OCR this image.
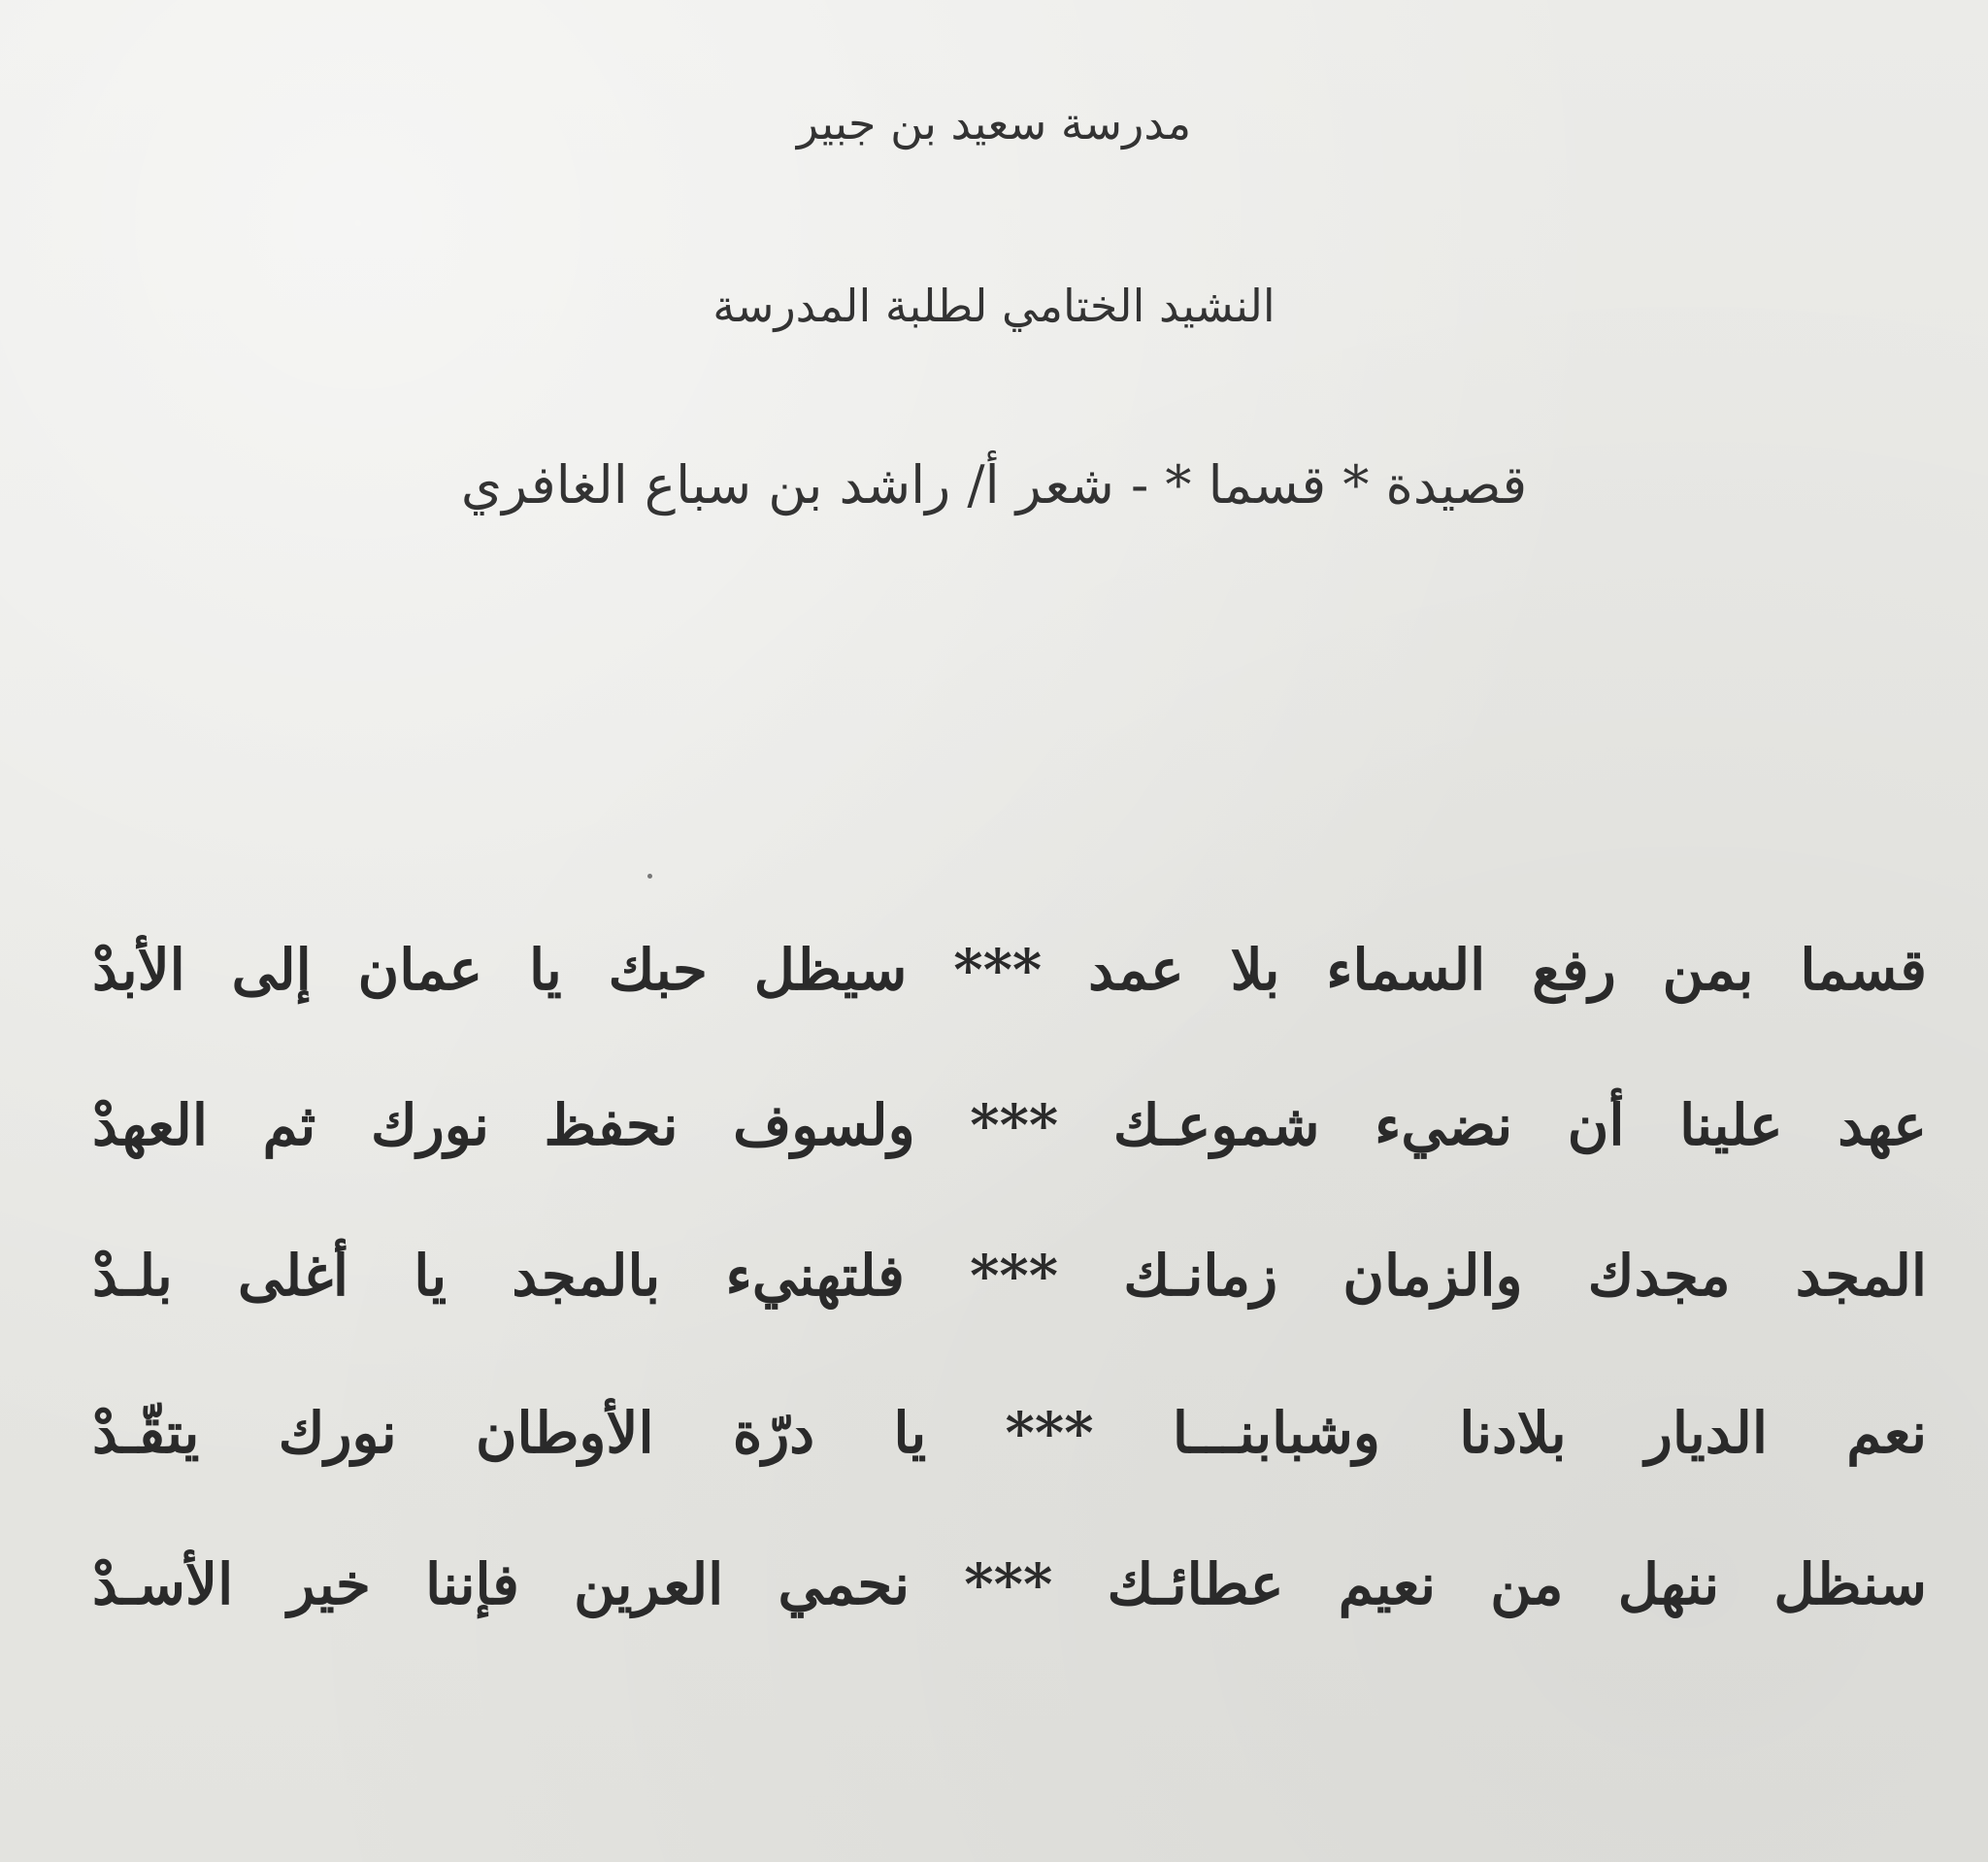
مدرسة سعيد بن جبير
النشيد الختامي لطلبة المدرسة
قصيدة * قسما * - شعر أ/ راشد بن سباع الغافري
قسما بمن رفع السماء بلا عمد *** سيظل حبك يا عمان إلى الأبدْ
عهد علينا أن نضيء شموعـك *** ولسوف نحفظ نورك ثم العهدْ
المجد مجدك والزمان زمانـك *** فلتهنيء بالمجد يا أغلى بلـدْ
نعم الديار بلادنا وشبابنـــا *** يا درّة الأوطان نورك يتقّـدْ
سنظل ننهل من نعيم عطائـك *** نحمي العرين فإننا خير الأسـدْ
